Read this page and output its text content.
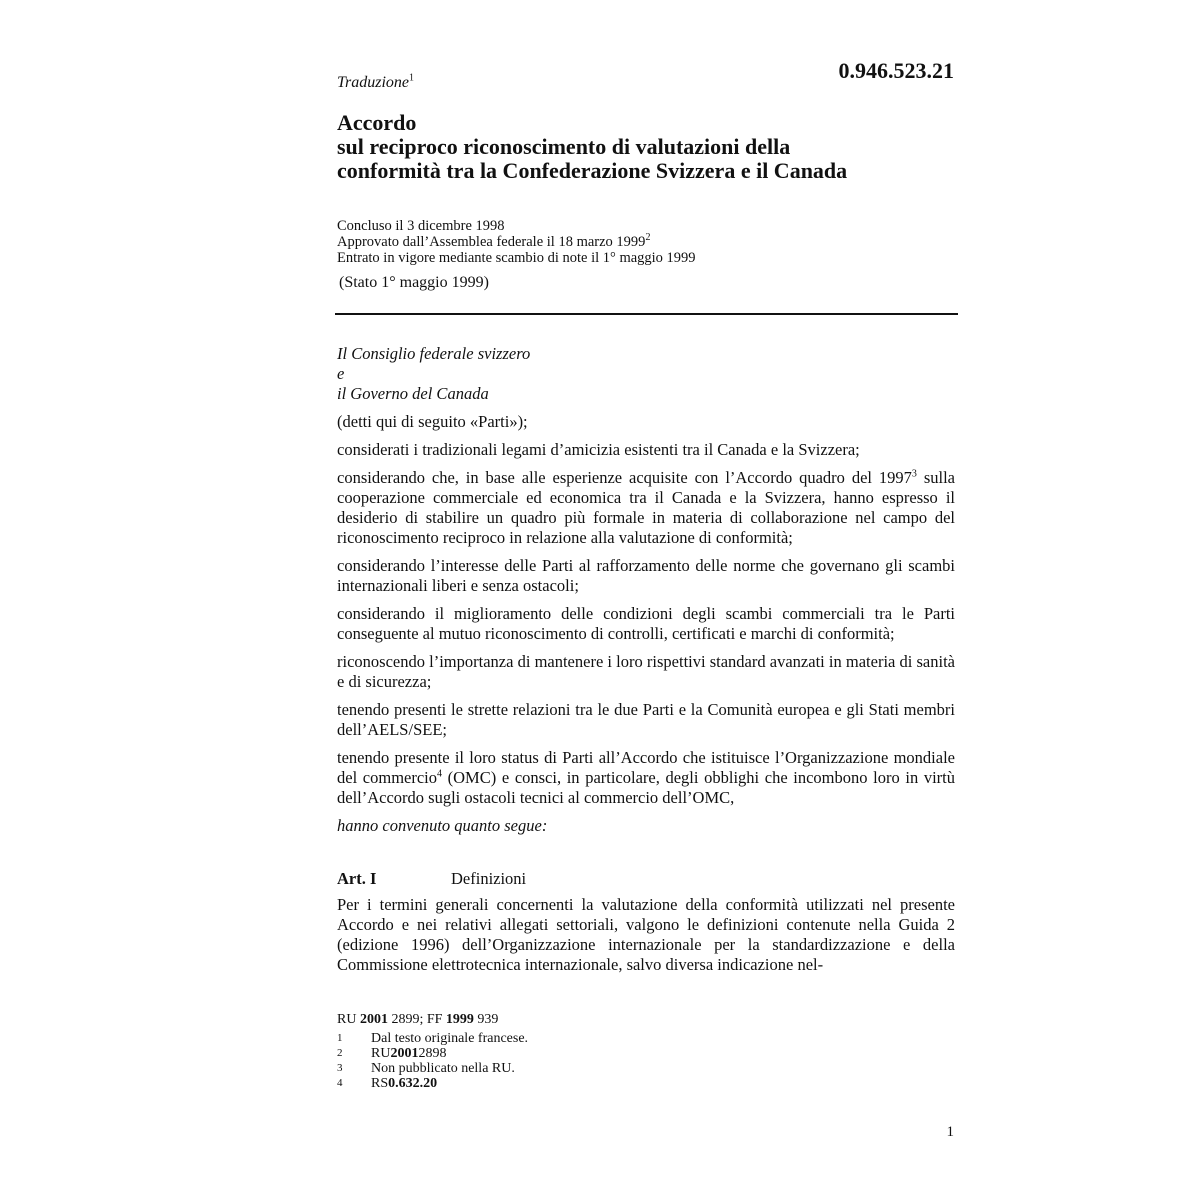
0.946.523.21
Traduzione$^1$
Accordo
sul reciproco riconoscimento di valutazioni della
conformità tra la Confederazione Svizzera e il Canada
Concluso il 3 dicembre 1998
Approvato dall’Assemblea federale il 18 marzo 1999$^2$
Entrato in vigore mediante scambio di note il 1° maggio 1999
(Stato 1° maggio 1999)

Il Consiglio federale svizzero

e

il Governo del Canada

(detti qui di seguito «Parti»);

considerati i tradizionali legami d’amicizia esistenti tra il Canada e la Svizzera;

considerando che, in base alle esperienze acquisite con l’Accordo quadro del 1997$^3$ sulla cooperazione commerciale ed economica tra il Canada e la Svizzera, hanno espresso il desiderio di stabilire un quadro più formale in materia di collaborazione nel campo del riconoscimento reciproco in relazione alla valutazione di conformità;

considerando l’interesse delle Parti al rafforzamento delle norme che governano gli scambi internazionali liberi e senza ostacoli;

considerando il miglioramento delle condizioni degli scambi commerciali tra le Parti conseguente al mutuo riconoscimento di controlli, certificati e marchi di conformità;

riconoscendo l’importanza di mantenere i loro rispettivi standard avanzati in materia di sanità e di sicurezza;

tenendo presenti le strette relazioni tra le due Parti e la Comunità europea e gli Stati membri dell’AELS/SEE;

tenendo presente il loro status di Parti all’Accordo che istituisce l’Organizzazione mondiale del commercio$^4$ (OMC) e consci, in particolare, degli obblighi che incombono loro in virtù dell’Accordo sugli ostacoli tecnici al commercio dell’OMC,

hanno convenuto quanto segue:

Art. I	Definizioni

Per i termini generali concernenti la valutazione della conformità utilizzati nel presente Accordo e nei relativi allegati settoriali, valgono le definizioni contenute nella Guida 2 (edizione 1996) dell’Organizzazione internazionale per la standardizzazione e della Commissione elettrotecnica internazionale, salvo diversa indicazione nel-

RU 2001 2899; FF 1999 939
1	Dal testo originale francese.
2	RU 2001 2898
3	Non pubblicato nella RU.
4	RS 0.632.20
1
